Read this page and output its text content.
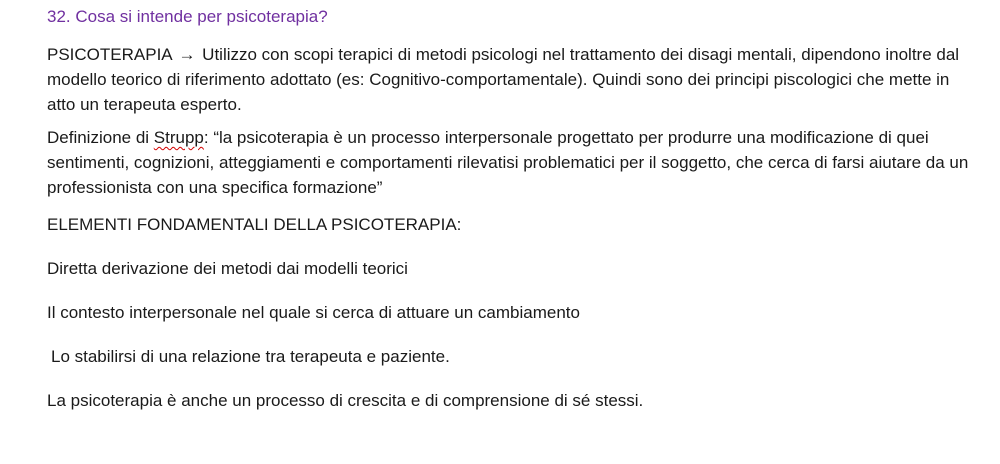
32. Cosa si intende per psicoterapia?

PSICOTERAPIA → Utilizzo con scopi terapici di metodi psicologi nel trattamento dei disagi mentali, dipendono inoltre dal modello teorico di riferimento adottato (es: Cognitivo-comportamentale). Quindi sono dei principi piscologici che mette in atto un terapeuta esperto.

Definizione di Strupp: “la psicoterapia è un processo interpersonale progettato per produrre una modificazione di quei sentimenti, cognizioni, atteggiamenti e comportamenti rilevatisi problematici per il soggetto, che cerca di farsi aiutare da un professionista con una specifica formazione”

ELEMENTI FONDAMENTALI DELLA PSICOTERAPIA:

Diretta derivazione dei metodi dai modelli teorici

Il contesto interpersonale nel quale si cerca di attuare un cambiamento

Lo stabilirsi di una relazione tra terapeuta e paziente.

La psicoterapia è anche un processo di crescita e di comprensione di sé stessi.
